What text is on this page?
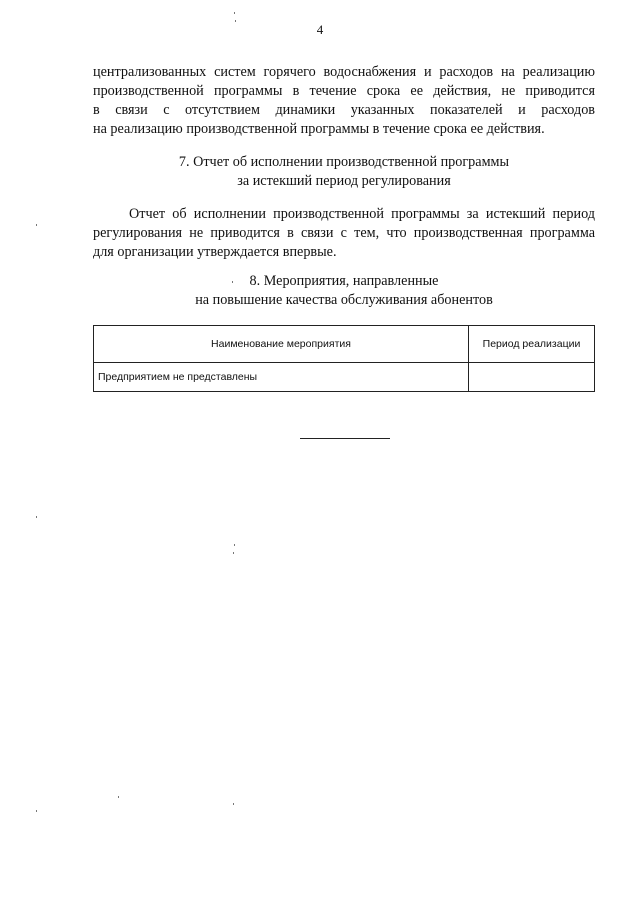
4
централизованных систем горячего водоснабжения и расходов на реализацию
производственной программы в течение срока ее действия, не приводится
в связи с отсутствием динамики указанных показателей и расходов
на реализацию производственной программы в течение срока ее действия.
7. Отчет об исполнении производственной программы
за истекший период регулирования
Отчет об исполнении производственной программы за истекший период
регулирования не приводится в связи с тем, что производственная программа
для организации утверждается впервые.
8. Мероприятия, направленные
на повышение качества обслуживания абонентов
Наименование мероприятия	Период реализации
Предприятием не представлены	
